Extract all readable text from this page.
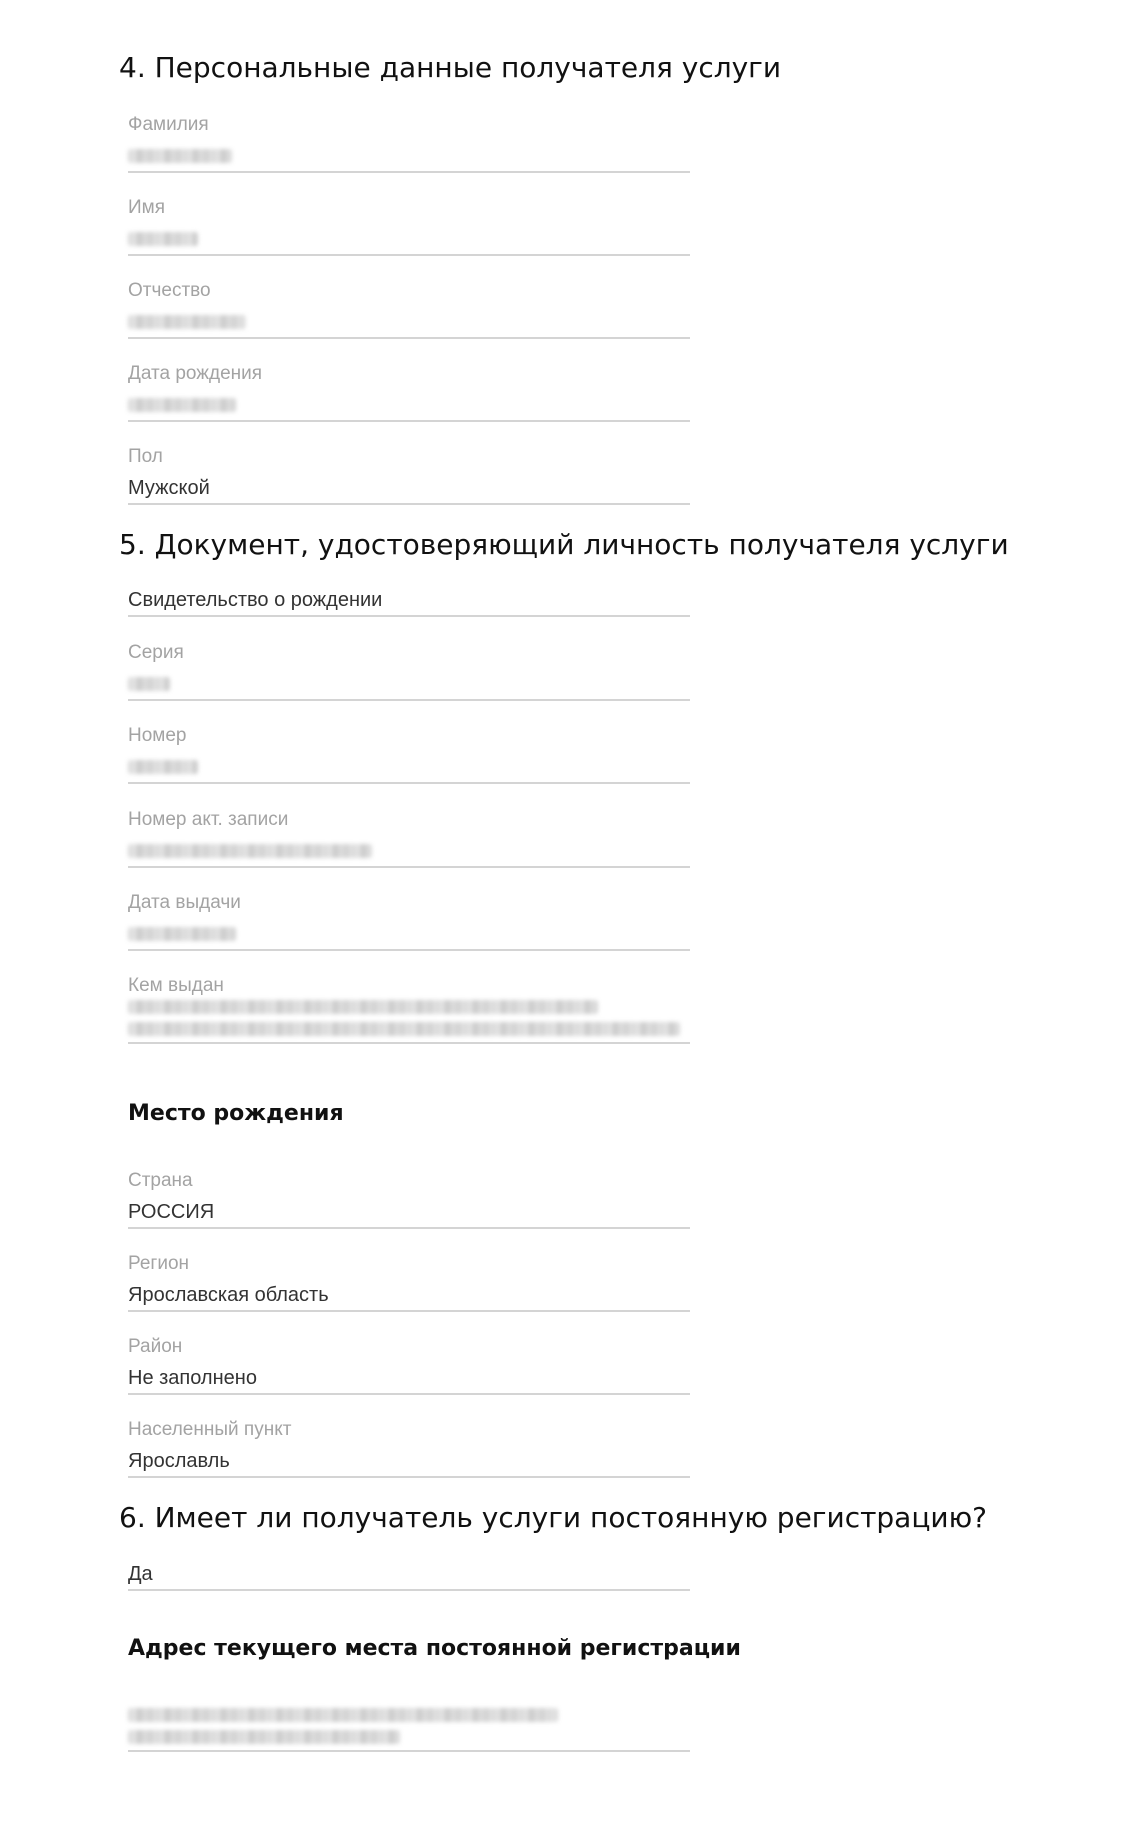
4. Персональные данные получателя услуги
Фамилия
Имя
Отчество
Дата рождения
Пол
Мужской
5. Документ, удостоверяющий личность получателя услуги
Свидетельство о рождении
Серия
Номер
Номер акт. записи
Дата выдачи
Кем выдан
Место рождения
Страна
РОССИЯ
Регион
Ярославская область
Район
Не заполнено
Населенный пункт
Ярославль
6. Имеет ли получатель услуги постоянную регистрацию?
Да
Адрес текущего места постоянной регистрации
